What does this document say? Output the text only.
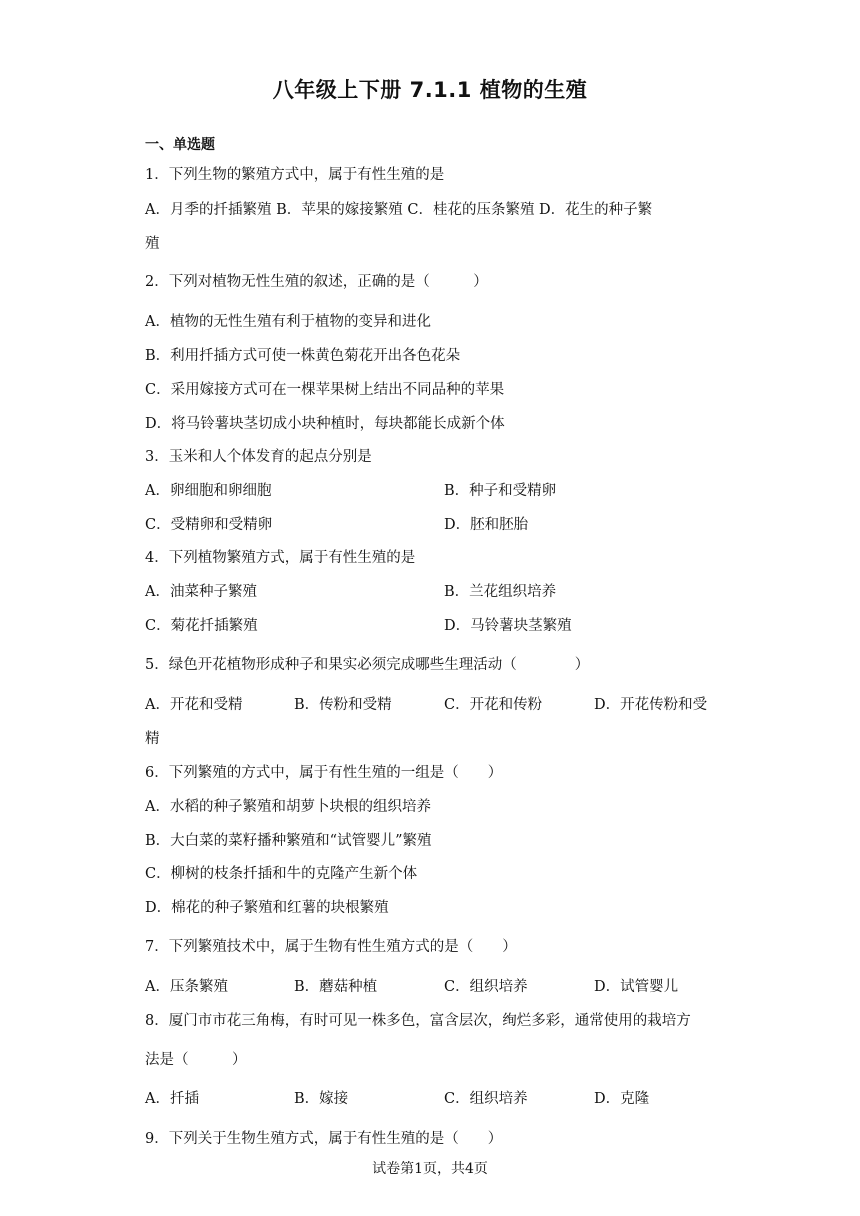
八年级上下册 7.1.1 植物的生殖
一、单选题
1．下列生物的繁殖方式中，属于有性生殖的是
A．月季的扦插繁殖 B．苹果的嫁接繁殖 C．桂花的压条繁殖 D．花生的种子繁
殖
2．下列对植物无性生殖的叙述，正确的是（　　　）
A．植物的无性生殖有利于植物的变异和进化
B．利用扦插方式可使一株黄色菊花开出各色花朵
C．采用嫁接方式可在一棵苹果树上结出不同品种的苹果
D．将马铃薯块茎切成小块种植时，每块都能长成新个体
3．玉米和人个体发育的起点分别是
A．卵细胞和卵细胞	B．种子和受精卵
C．受精卵和受精卵	D．胚和胚胎
4．下列植物繁殖方式，属于有性生殖的是
A．油菜种子繁殖	B．兰花组织培养
C．菊花扦插繁殖	D．马铃薯块茎繁殖
5．绿色开花植物形成种子和果实必须完成哪些生理活动（　　　　）
A．开花和受精	B．传粉和受精	C．开花和传粉	D．开花传粉和受
精
6．下列繁殖的方式中，属于有性生殖的一组是（　　）
A．水稻的种子繁殖和胡萝卜块根的组织培养
B．大白菜的菜籽播种繁殖和“试管婴儿”繁殖
C．柳树的枝条扦插和牛的克隆产生新个体
D．棉花的种子繁殖和红薯的块根繁殖
7．下列繁殖技术中，属于生物有性生殖方式的是（　　）
A．压条繁殖	B．蘑菇种植	C．组织培养	D．试管婴儿
8．厦门市市花三角梅，有时可见一株多色，富含层次，绚烂多彩，通常使用的栽培方
法是（　　　）
A．扦插	B．嫁接	C．组织培养	D．克隆
9．下列关于生物生殖方式，属于有性生殖的是（　　）
试卷第1页，共4页
